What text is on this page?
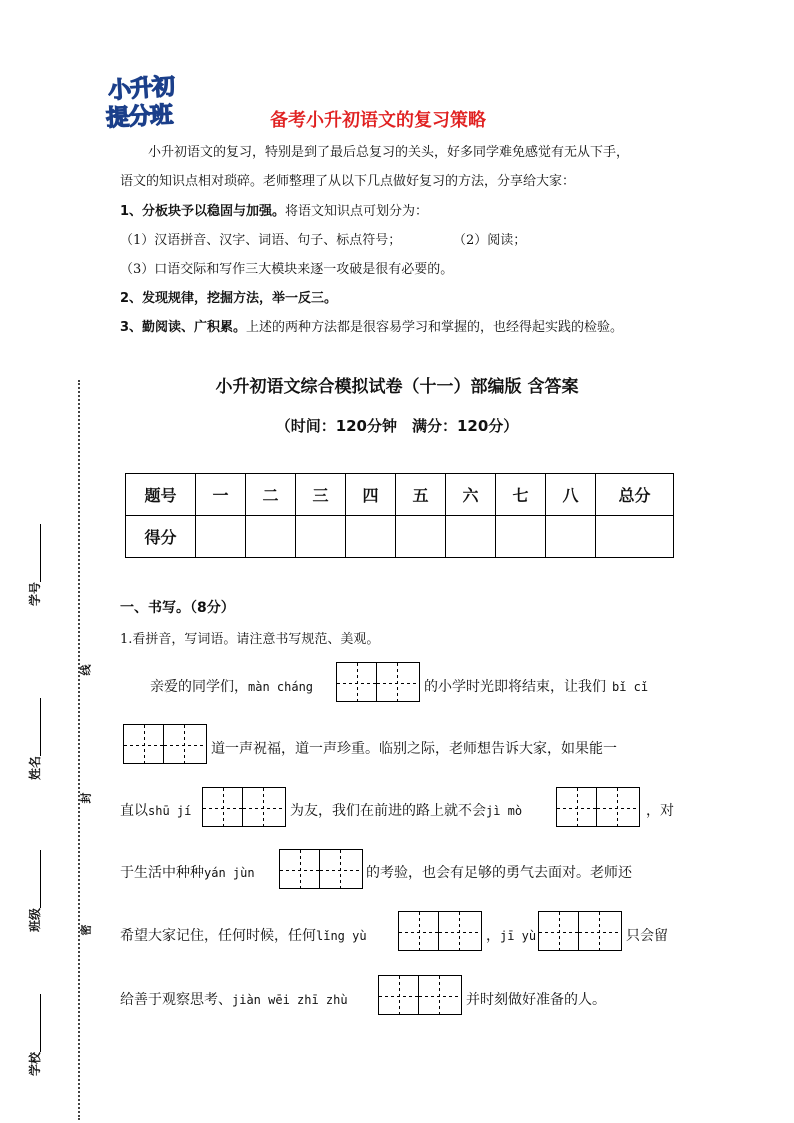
小升初
提分班	备考小升初语文的复习策略
小升初语文的复习，特别是到了最后总复习的关头，好多同学难免感觉有无从下手，
语文的知识点相对琐碎。老师整理了从以下几点做好复习的方法，分享给大家：
1、分板块予以稳固与加强。将语文知识点可划分为：
（1）汉语拼音、汉字、词语、句子、标点符号；	（2）阅读；
（3）口语交际和写作三大模块来逐一攻破是很有必要的。
2、发现规律，挖掘方法，举一反三。
3、勤阅读、广积累。上述的两种方法都是很容易学习和掌握的，也经得起实践的检验。
小升初语文综合模拟试卷（十一）部编版 含答案
（时间：120分钟　满分：120分）
题号	一	二	三	四	五	六	七	八	总分
得分									
一、书写。（8分）
1.看拼音，写词语。请注意书写规范、美观。
亲爱的同学们，màn cháng	的小学时光即将结束，让我们 bǐ cǐ
道一声祝福，道一声珍重。临别之际，老师想告诉大家，如果能一
直以shū jí	为友，我们在前进的路上就不会jì mò	，对
于生活中种种yán jùn	的考验，也会有足够的勇气去面对。老师还
希望大家记住，任何时候，任何lǐng yù	，jī yù	只会留
给善于观察思考、jiàn wēi zhī zhù	并时刻做好准备的人。
学号
姓名
班级
学校
线
封
密
